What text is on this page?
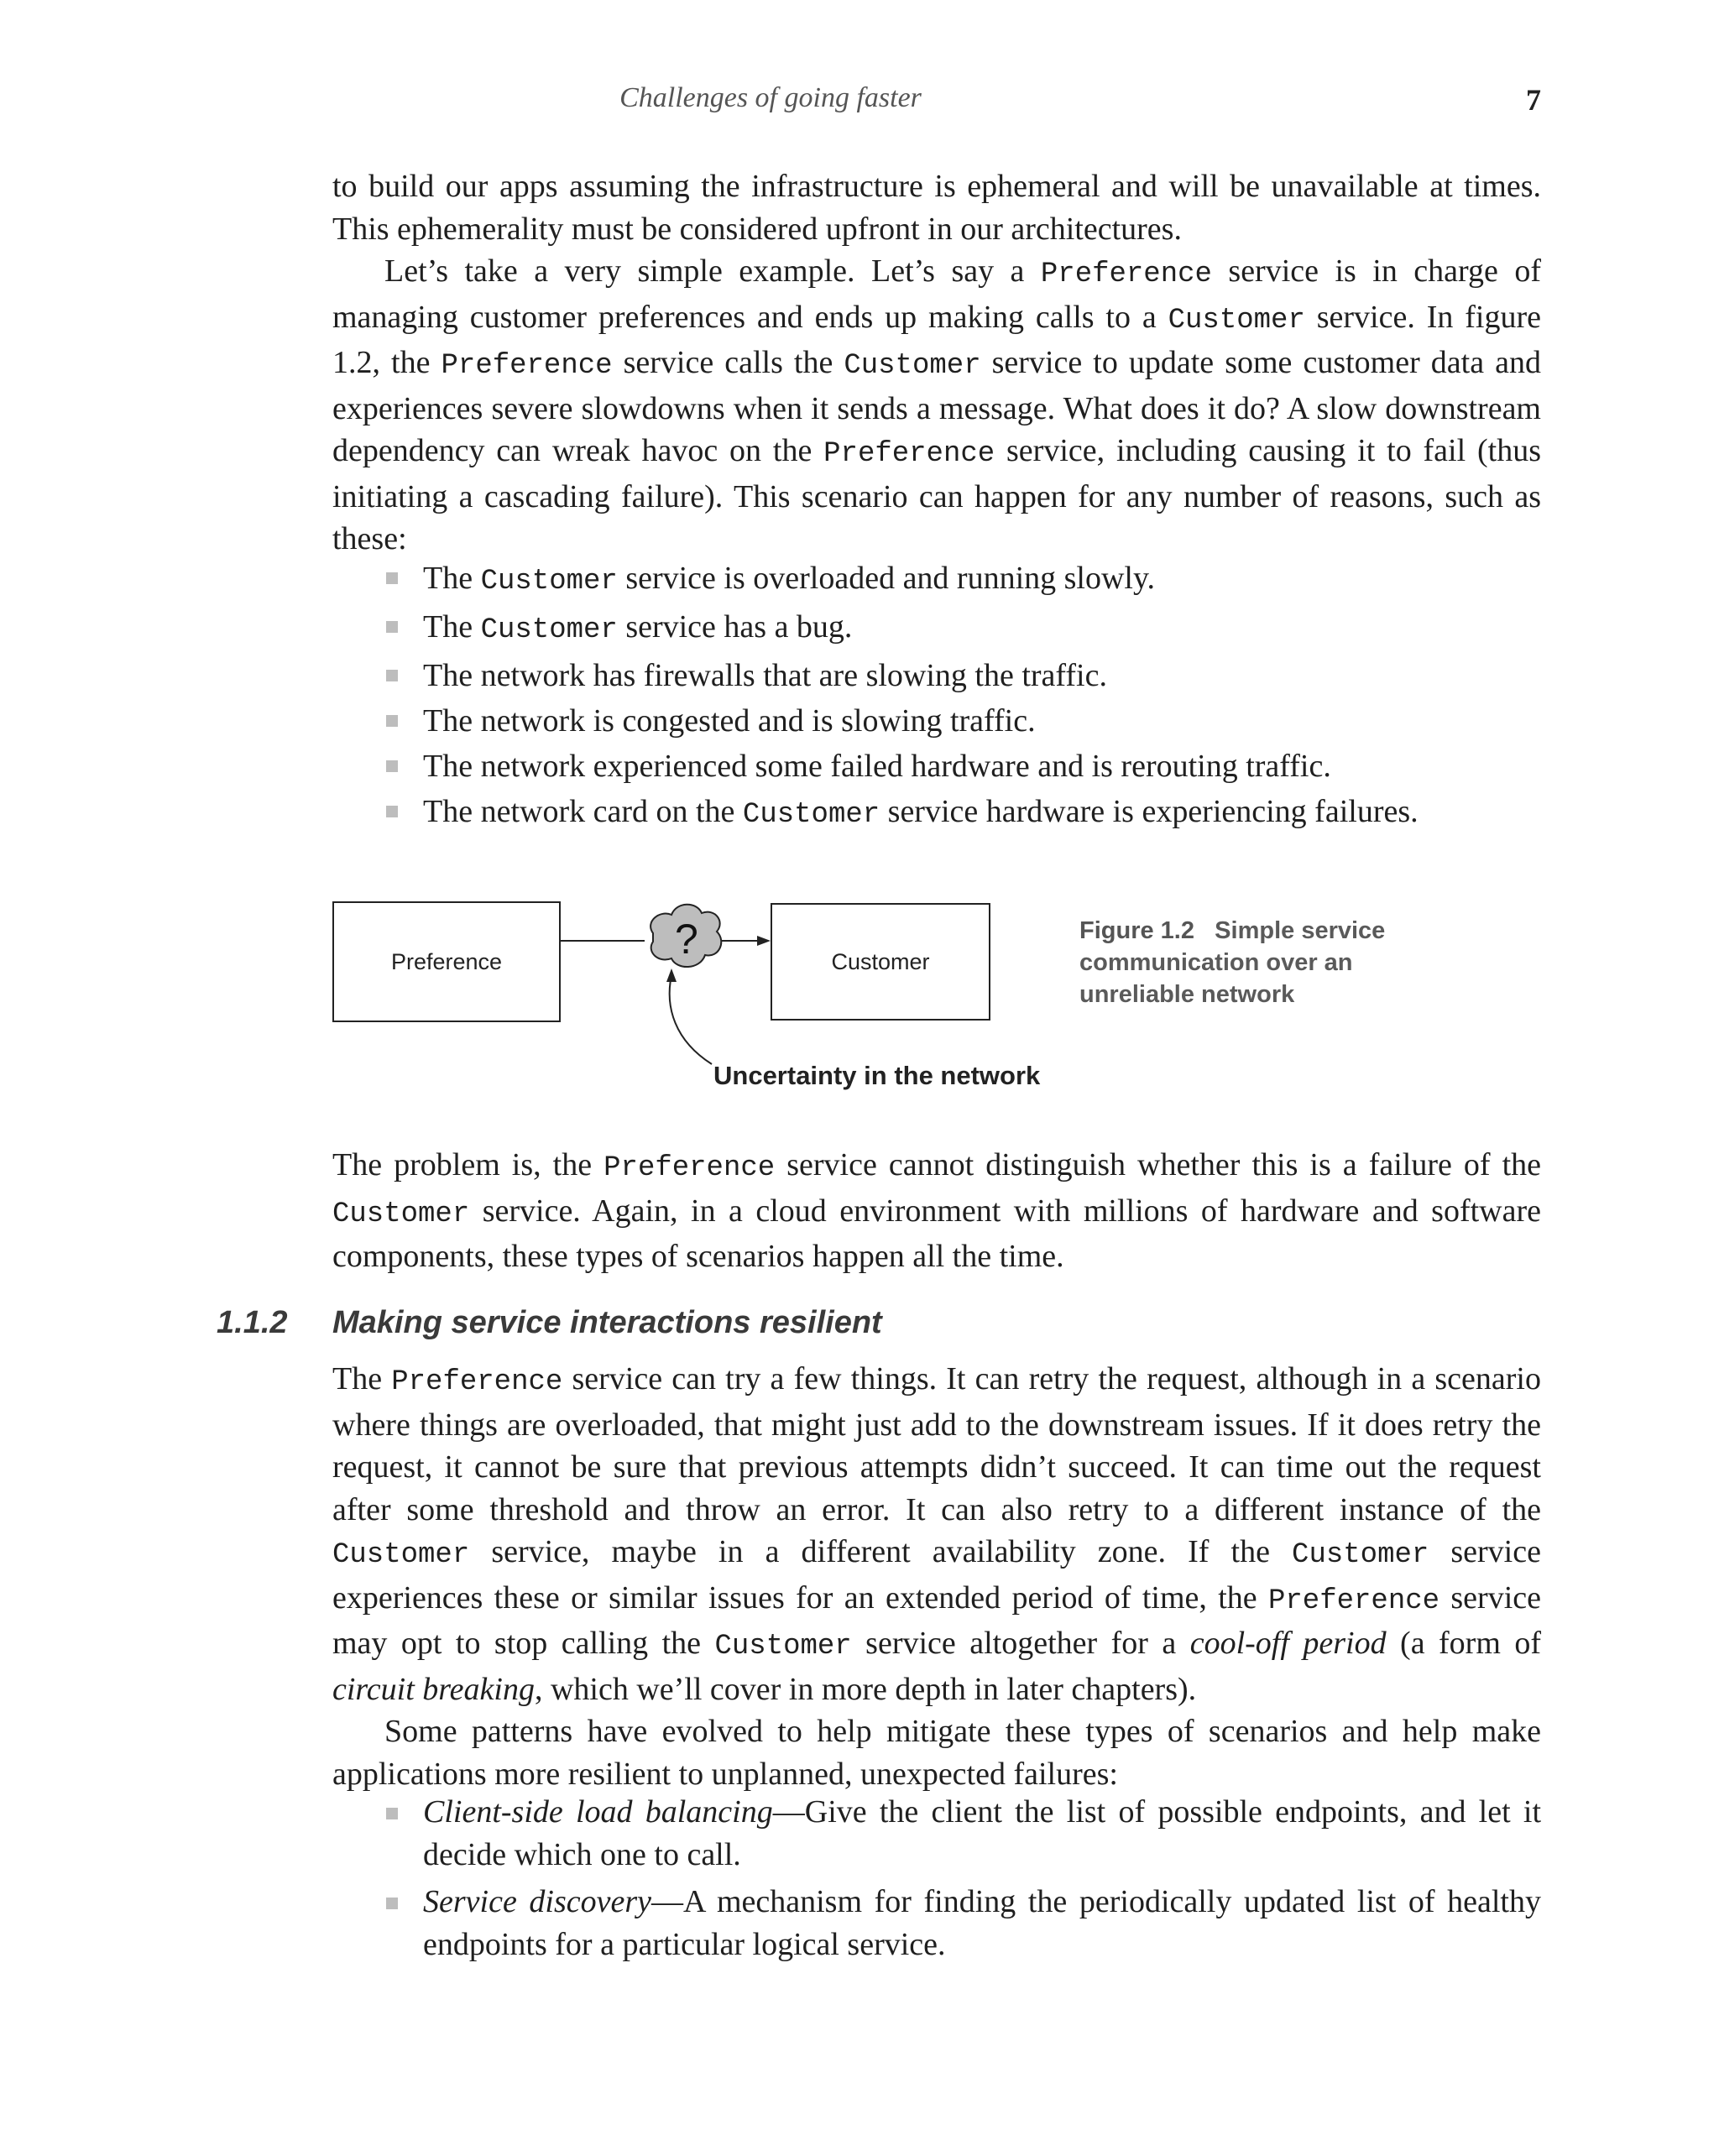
Challenges of going faster	7

to build our apps assuming the infrastructure is ephemeral and will be unavailable at times. This ephemerality must be considered upfront in our architectures.

Let’s take a very simple example. Let’s say a Preference service is in charge of managing customer preferences and ends up making calls to a Customer service. In figure 1.2, the Preference service calls the Customer service to update some customer data and experiences severe slowdowns when it sends a message. What does it do? A slow downstream dependency can wreak havoc on the Preference service, including causing it to fail (thus initiating a cascading failure). This scenario can happen for any number of reasons, such as these:

The Customer service is overloaded and running slowly.
The Customer service has a bug.
The network has firewalls that are slowing the traffic.
The network is congested and is slowing traffic.
The network experienced some failed hardware and is rerouting traffic.
The network card on the Customer service hardware is experiencing failures.
?
Preference	Customer
Figure 1.2 Simple service communication over an unreliable network
Uncertainty in the network

The problem is, the Preference service cannot distinguish whether this is a failure of the Customer service. Again, in a cloud environment with millions of hardware and software components, these types of scenarios happen all the time.

1.1.2 Making service interactions resilient

The Preference service can try a few things. It can retry the request, although in a scenario where things are overloaded, that might just add to the downstream issues. If it does retry the request, it cannot be sure that previous attempts didn’t succeed. It can time out the request after some threshold and throw an error. It can also retry to a different instance of the Customer service, maybe in a different availability zone. If the Customer service experiences these or similar issues for an extended period of time, the Preference service may opt to stop calling the Customer service altogether for a cool-off period (a form of circuit breaking, which we’ll cover in more depth in later chapters).

Some patterns have evolved to help mitigate these types of scenarios and help make applications more resilient to unplanned, unexpected failures:

Client-side load balancing—Give the client the list of possible endpoints, and let it decide which one to call.
Service discovery—A mechanism for finding the periodically updated list of healthy endpoints for a particular logical service.
